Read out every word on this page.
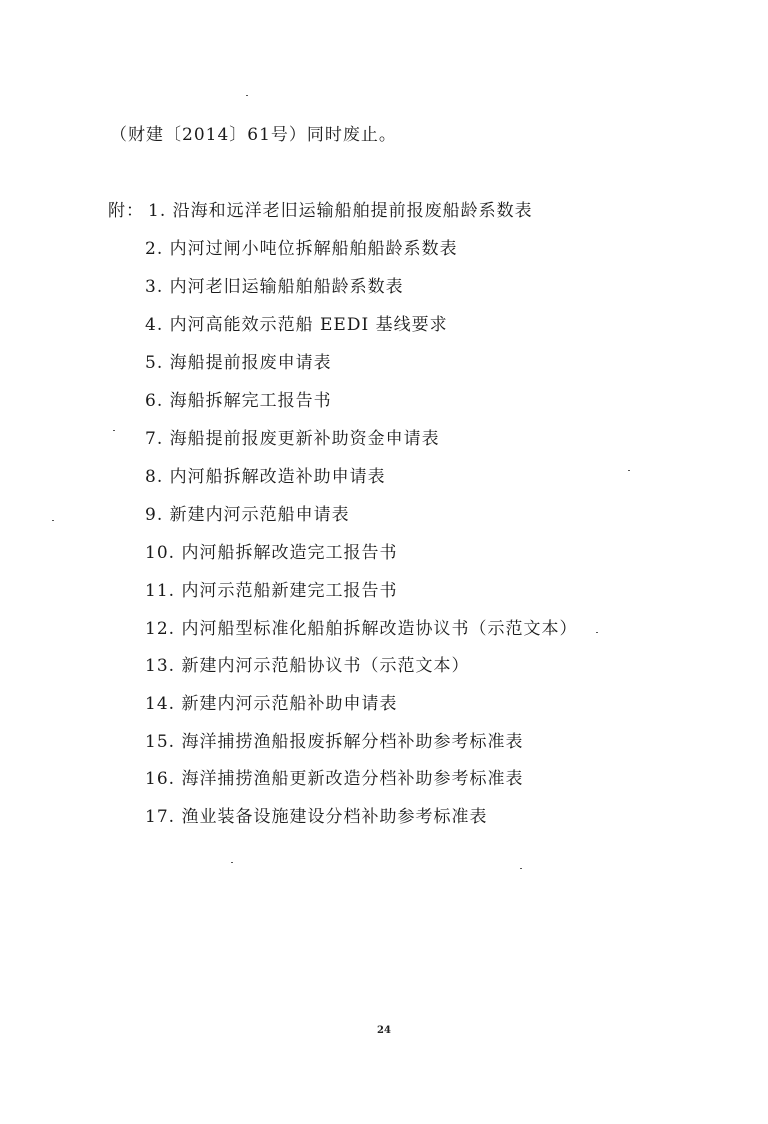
（财建〔2014〕61号）同时废止。
附： 1. 沿海和远洋老旧运输船舶提前报废船龄系数表
2. 内河过闸小吨位拆解船舶船龄系数表
3. 内河老旧运输船舶船龄系数表
4. 内河高能效示范船 EEDI 基线要求
5. 海船提前报废申请表
6. 海船拆解完工报告书
7. 海船提前报废更新补助资金申请表
8. 内河船拆解改造补助申请表
9. 新建内河示范船申请表
10. 内河船拆解改造完工报告书
11. 内河示范船新建完工报告书
12. 内河船型标准化船舶拆解改造协议书（示范文本）
13. 新建内河示范船协议书（示范文本）
14. 新建内河示范船补助申请表
15. 海洋捕捞渔船报废拆解分档补助参考标准表
16. 海洋捕捞渔船更新改造分档补助参考标准表
17. 渔业装备设施建设分档补助参考标准表
24
